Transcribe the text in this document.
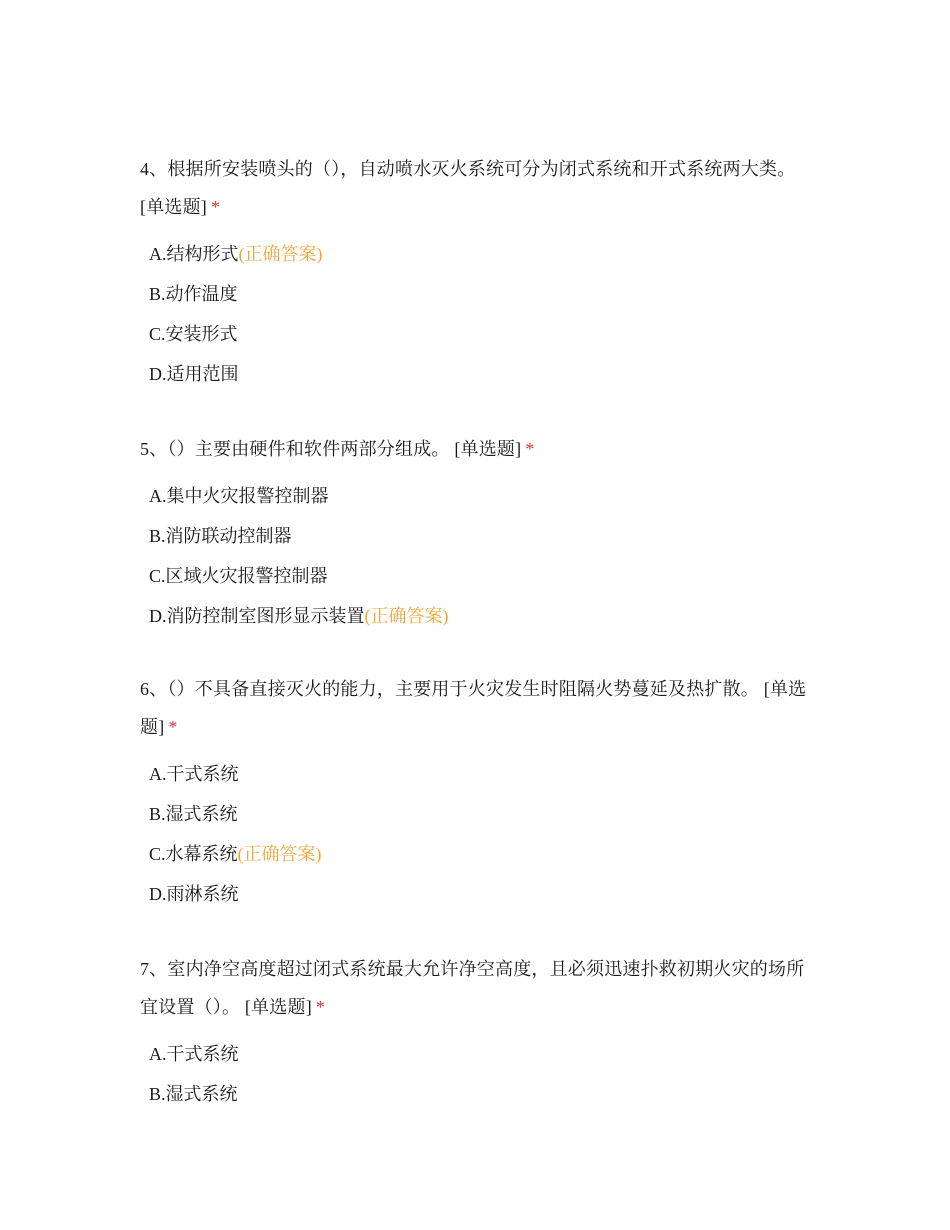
4、根据所安装喷头的（），自动喷水灭火系统可分为闭式系统和开式系统两大类。 [单选题] *

A.结构形式(正确答案)
B.动作温度
C.安装形式
D.适用范围

5、（）主要由硬件和软件两部分组成。 [单选题] *

A.集中火灾报警控制器
B.消防联动控制器
C.区域火灾报警控制器
D.消防控制室图形显示装置(正确答案)

6、（）不具备直接灭火的能力，主要用于火灾发生时阻隔火势蔓延及热扩散。 [单选题] *

A.干式系统
B.湿式系统
C.水幕系统(正确答案)
D.雨淋系统

7、室内净空高度超过闭式系统最大允许净空高度，且必须迅速扑救初期火灾的场所宜设置（）。 [单选题] *

A.干式系统
B.湿式系统
